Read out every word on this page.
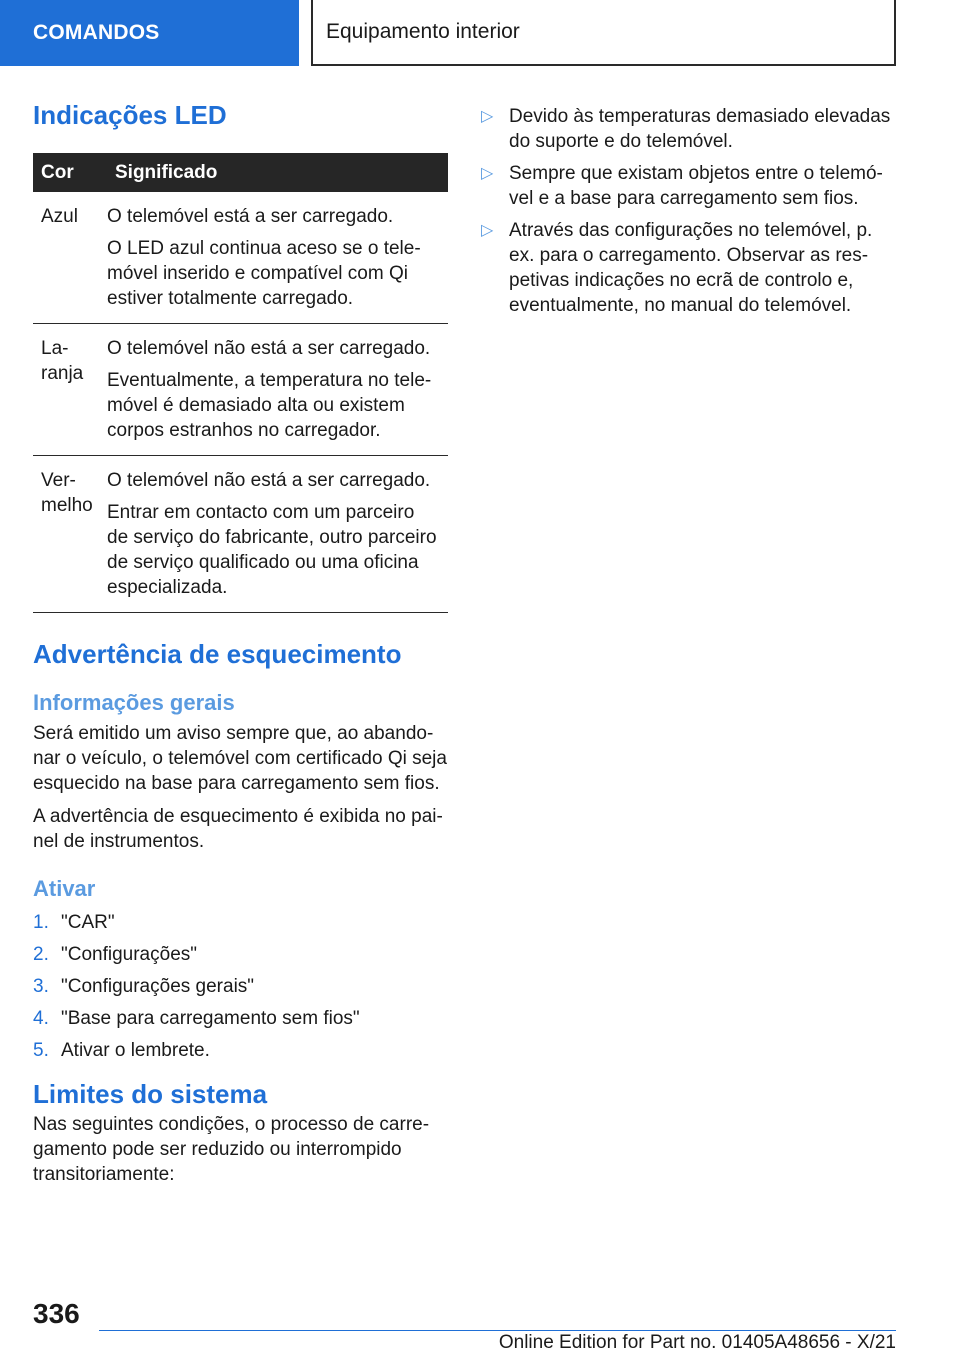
COMANDOS	Equipamento interior
Indicações LED
Cor	Significado
Azul	O telemóvel está a ser carregado.

O LED azul continua aceso se o tele-móvel inserido e compatível com Qi estiver totalmente carregado.

La-ranja	O telemóvel não está a ser carregado.

Eventualmente, a temperatura no tele-móvel é demasiado alta ou existem corpos estranhos no carregador.

Ver-melho	O telemóvel não está a ser carregado.

Entrar em contacto com um parceiro de serviço do fabricante, outro parceiro de serviço qualificado ou uma oficina especializada.

Advertência de esquecimento
Informações gerais

Será emitido um aviso sempre que, ao abando-nar o veículo, o telemóvel com certificado Qi seja esquecido na base para carregamento sem fios.

A advertência de esquecimento é exibida no pai-nel de instrumentos.

Ativar
1. "CAR"
2. "Configurações"
3. "Configurações gerais"
4. "Base para carregamento sem fios"
5. Ativar o lembrete.
Limites do sistema

Nas seguintes condições, o processo de carre-gamento pode ser reduzido ou interrompido transitoriamente:

▷ Devido às temperaturas demasiado elevadas do suporte e do telemóvel.
▷ Sempre que existam objetos entre o telemó-vel e a base para carregamento sem fios.
▷ Através das configurações no telemóvel, p. ex. para o carregamento. Observar as res-petivas indicações no ecrã de controlo e, eventualmente, no manual do telemóvel.
336
Online Edition for Part no. 01405A48656 - X/21
